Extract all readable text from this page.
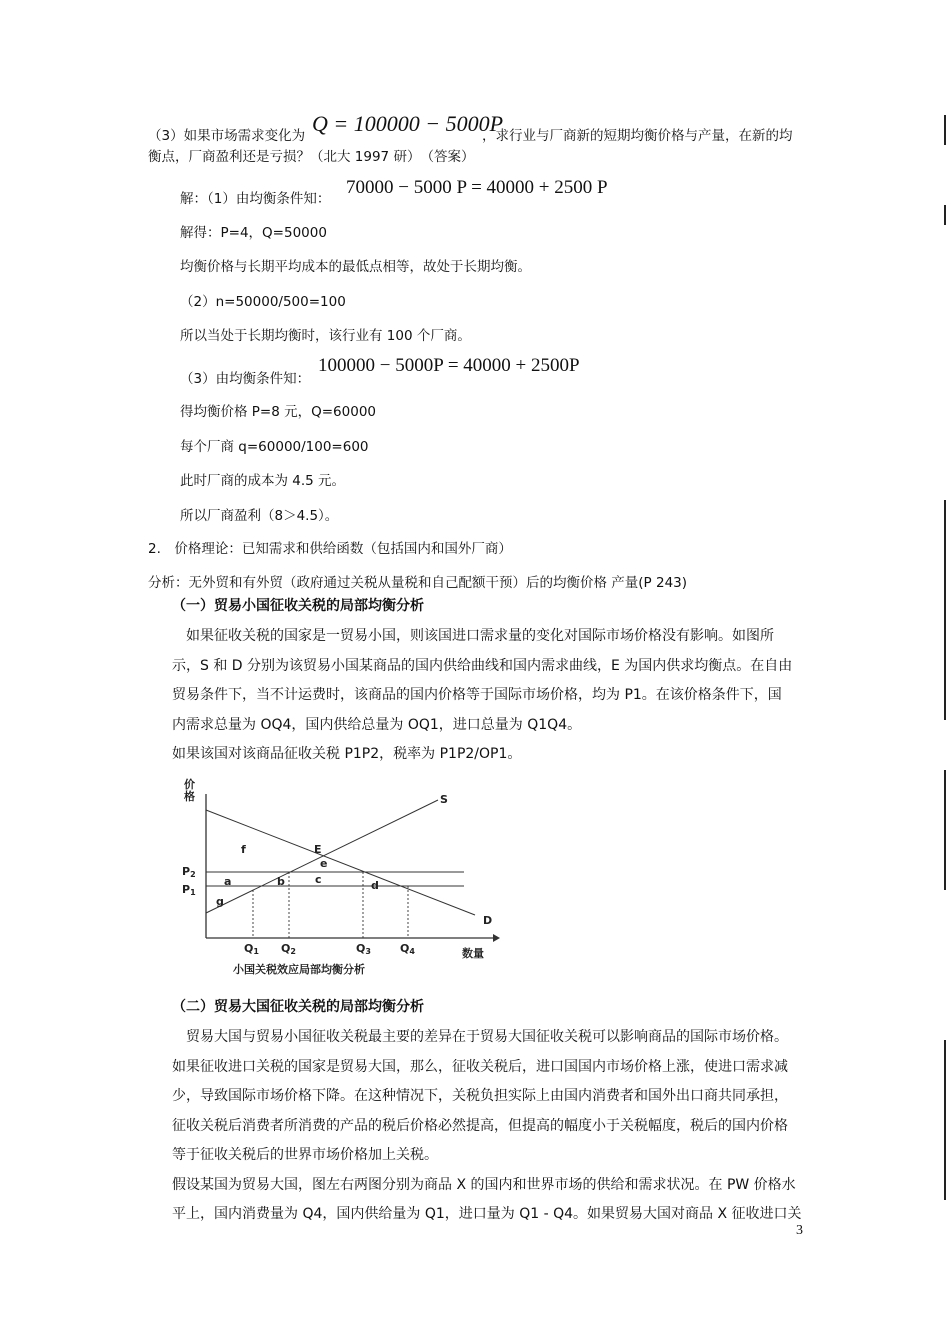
（3）如果市场需求变化为 Q = 100000 − 5000P
，求行业与厂商新的短期均衡价格与产量，在新的均
衡点，厂商盈利还是亏损？（北大 1997 研）　（答案）
解：（1）由均衡条件知：
70000 − 5000 P = 40000 + 2500 P
解得：P=4，Q=50000
均衡价格与长期平均成本的最低点相等，故处于长期均衡。
（2）n=50000/500=100
所以当处于长期均衡时，该行业有 100 个厂商。
（3）由均衡条件知：
100000 − 5000P = 40000 + 2500P
得均衡价格 P=8 元，Q=60000
每个厂商 q=60000/100=600
此时厂商的成本为 4.5 元。
所以厂商盈利（8＞4.5）。
2.　价格理论：已知需求和供给函数（包括国内和国外厂商）
分析：无外贸和有外贸（政府通过关税从量税和自己配额干预）后的均衡价格 产量(P 243)
（一）贸易小国征收关税的局部均衡分析
　如果征收关税的国家是一贸易小国，则该国进口需求量的变化对国际市场价格没有影响。如图所
示，S 和 D 分别为该贸易小国某商品的国内供给曲线和国内需求曲线，E 为国内供求均衡点。在自由
贸易条件下，当不计运费时，该商品的国内价格等于国际市场价格，均为 P1。在该价格条件下，国
内需求总量为 OQ4，国内供给总量为 OQ1，进口总量为 Q1Q4。
如果该国对该商品征收关税 P1P2，税率为 P1P2/OP1。
价
格	S
D
E
P2
P1
f
e
a	b	c	d
g
Q1 Q2	Q3	Q4	数量
小国关税效应局部均衡分析
（二）贸易大国征收关税的局部均衡分析
　贸易大国与贸易小国征收关税最主要的差异在于贸易大国征收关税可以影响商品的国际市场价格。
如果征收进口关税的国家是贸易大国，那么，征收关税后，进口国国内市场价格上涨，使进口需求减
少，导致国际市场价格下降。在这种情况下，关税负担实际上由国内消费者和国外出口商共同承担，
征收关税后消费者所消费的产品的税后价格必然提高，但提高的幅度小于关税幅度，税后的国内价格
等于征收关税后的世界市场价格加上关税。
假设某国为贸易大国，图左右两图分别为商品 X 的国内和世界市场的供给和需求状况。在 PW 价格水
平上，国内消费量为 Q4，国内供给量为 Q1，进口量为 Q1 - Q4。如果贸易大国对商品 X 征收进口关
3
